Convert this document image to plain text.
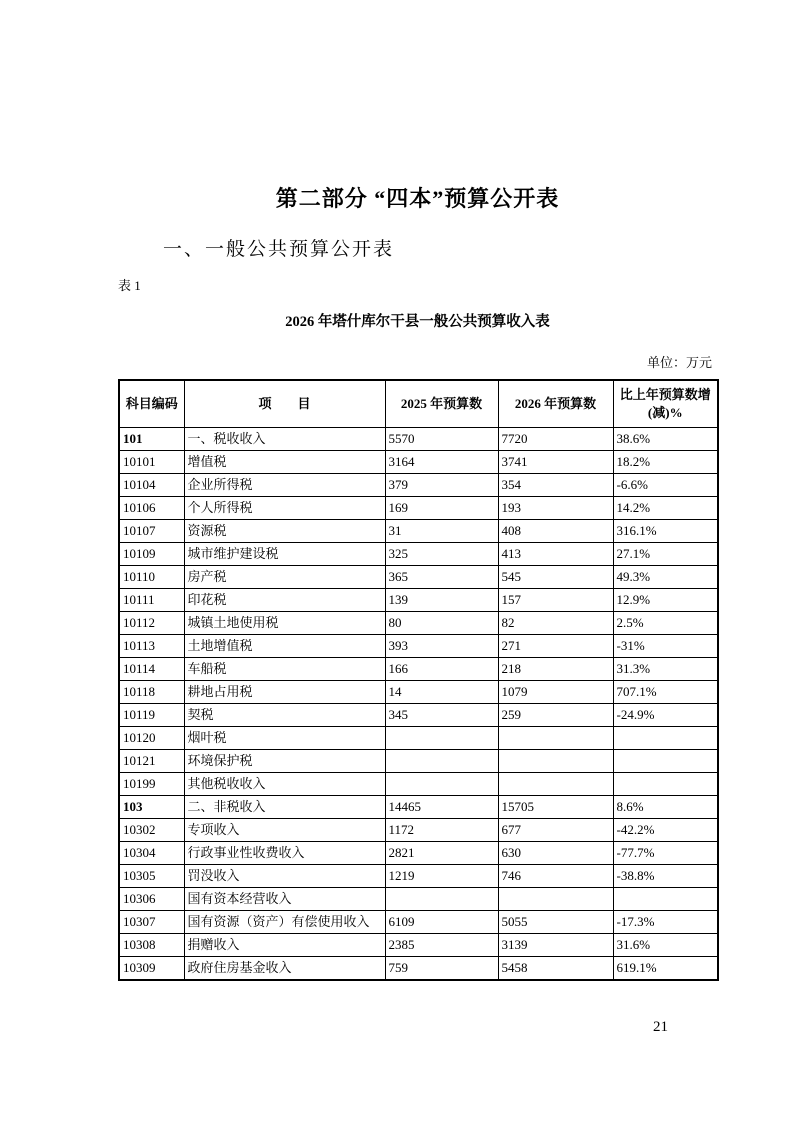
第二部分 “四本”预算公开表
一、一般公共预算公开表
表 1
2026 年塔什库尔干县一般公共预算收入表
单位：万元
科目编码	项　　目	2025 年预算数	2026 年预算数	比上年预算数增(减)%
101	一、税收收入	5570	7720	38.6%
10101	增值税	3164	3741	18.2%
10104	企业所得税	379	354	-6.6%
10106	个人所得税	169	193	14.2%
10107	资源税	31	408	316.1%
10109	城市维护建设税	325	413	27.1%
10110	房产税	365	545	49.3%
10111	印花税	139	157	12.9%
10112	城镇土地使用税	80	82	2.5%
10113	土地增值税	393	271	-31%
10114	车船税	166	218	31.3%
10118	耕地占用税	14	1079	707.1%
10119	契税	345	259	-24.9%
10120	烟叶税			
10121	环境保护税			
10199	其他税收收入			
103	二、非税收入	14465	15705	8.6%
10302	专项收入	1172	677	-42.2%
10304	行政事业性收费收入	2821	630	-77.7%
10305	罚没收入	1219	746	-38.8%
10306	国有资本经营收入			
10307	国有资源（资产）有偿使用收入	6109	5055	-17.3%
10308	捐赠收入	2385	3139	31.6%
10309	政府住房基金收入	759	5458	619.1%
21
